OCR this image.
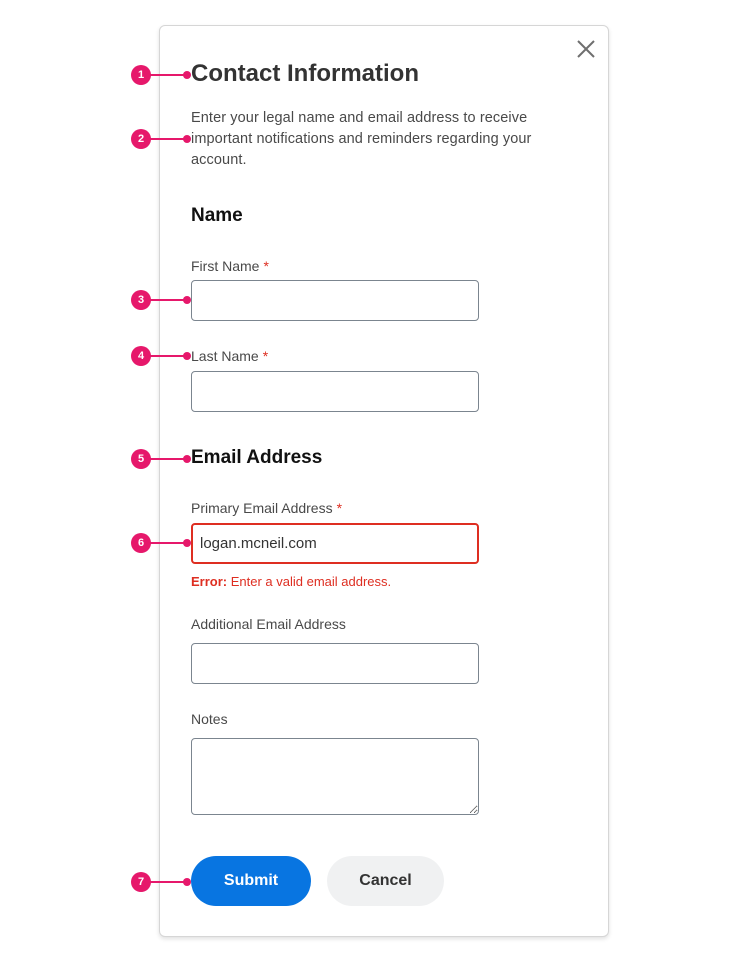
Contact Information
Enter your legal name and email address to receive important notifications and reminders regarding your account.
Name
First Name *
Last Name *
Email Address
Primary Email Address *
logan.mcneil.com
Error: Enter a valid email address.
Additional Email Address
Notes
Submit	Cancel
1
2
3
4
5
6
7
